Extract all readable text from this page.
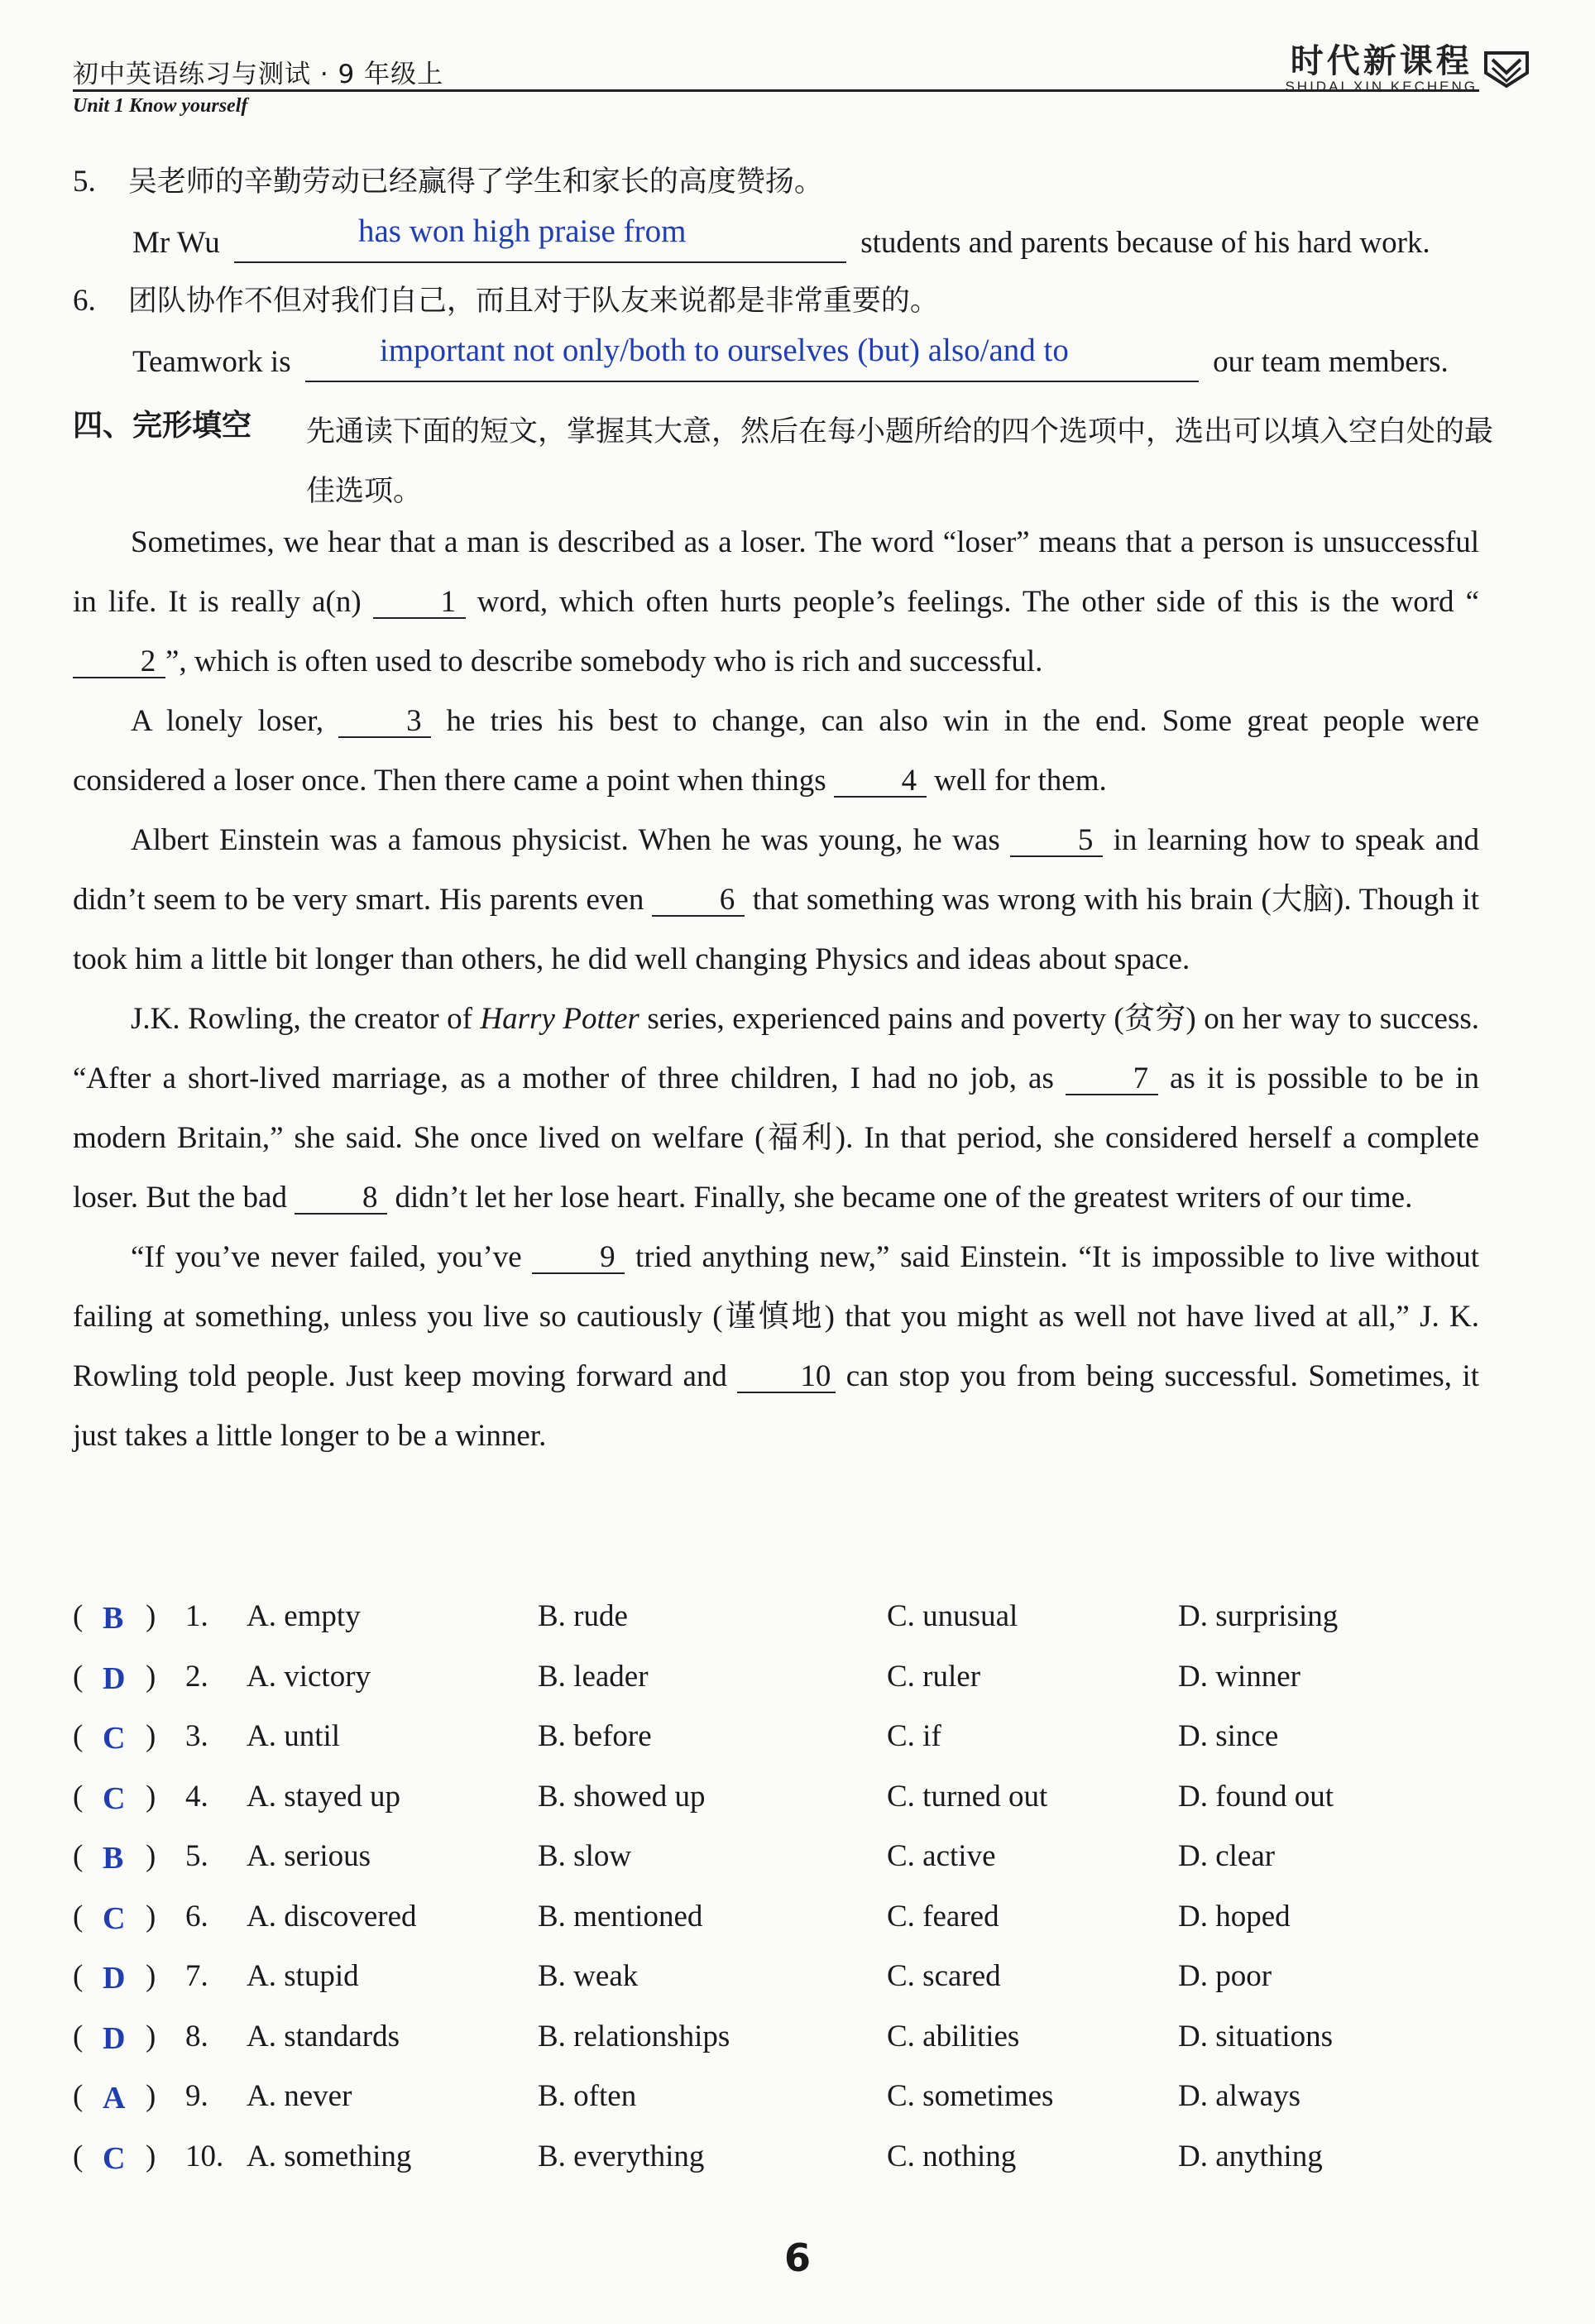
初中英语练习与测试 · 9 年级上
Unit 1 Know yourself
时代新课程
SHIDAI XIN KECHENG
5. 吴老师的辛勤劳动已经赢得了学生和家长的高度赞扬。
Mr Wu	has won high praise from	students and parents because of his hard work.
6. 团队协作不但对我们自己，而且对于队友来说都是非常重要的。
Teamwork is	important not only/both to ourselves (but) also/and to	our team members.
四、完形填空 先通读下面的短文，掌握其大意，然后在每小题所给的四个选项中，选出可以填入空白处的最佳选项。

Sometimes, we hear that a man is described as a loser. The word “loser” means that a person is unsuccessful in life. It is really a(n)	1 word, which often hurts people’s feelings. The other side of this is the word “2 ”, which is often used to describe somebody who is rich and successful.

A lonely loser,	3 he tries his best to change, can also win in the end. Some great people were considered a loser once. Then there came a point when things 4 well for them.

Albert Einstein was a famous physicist. When he was young, he was	5 in learning how to speak and didn’t seem to be very smart. His parents even 6 that something was wrong with his brain (大脑). Though it took him a little bit longer than others, he did well changing Physics and ideas about space.

J.K. Rowling, the creator of Harry Potter series, experienced pains and poverty (贫穷) on her way to success. “After a short-lived marriage, as a mother of three children, I had no job, as	7 as it is possible to be in modern Britain,” she said. She once lived on welfare (福利). In that period, she considered herself a complete loser. But the bad 8 didn’t let her lose heart. Finally, she became one of the greatest writers of our time.

“If you’ve never failed, you’ve	9 tried anything new,” said Einstein. “It is impossible to live without failing at something, unless you live so cautiously (谨慎地) that you might as well not have lived at all,” J. K. Rowling told people. Just keep moving forward and 10 can stop you from being successful. Sometimes, it just takes a little longer to be a winner.

( B ) 1. A. empty	B. rude	C. unusual	D. surprising
( D ) 2. A. victory	B. leader	C. ruler	D. winner
( C ) 3. A. until	B. before	C. if	D. since
( C ) 4. A. stayed up	B. showed up	C. turned out	D. found out
( B ) 5. A. serious	B. slow	C. active	D. clear
( C ) 6. A. discovered	B. mentioned	C. feared	D. hoped
( D ) 7. A. stupid	B. weak	C. scared	D. poor
( D ) 8. A. standards	B. relationships	C. abilities	D. situations
( A ) 9. A. never	B. often	C. sometimes	D. always
( C ) 10. A. something	B. everything	C. nothing	D. anything
6
